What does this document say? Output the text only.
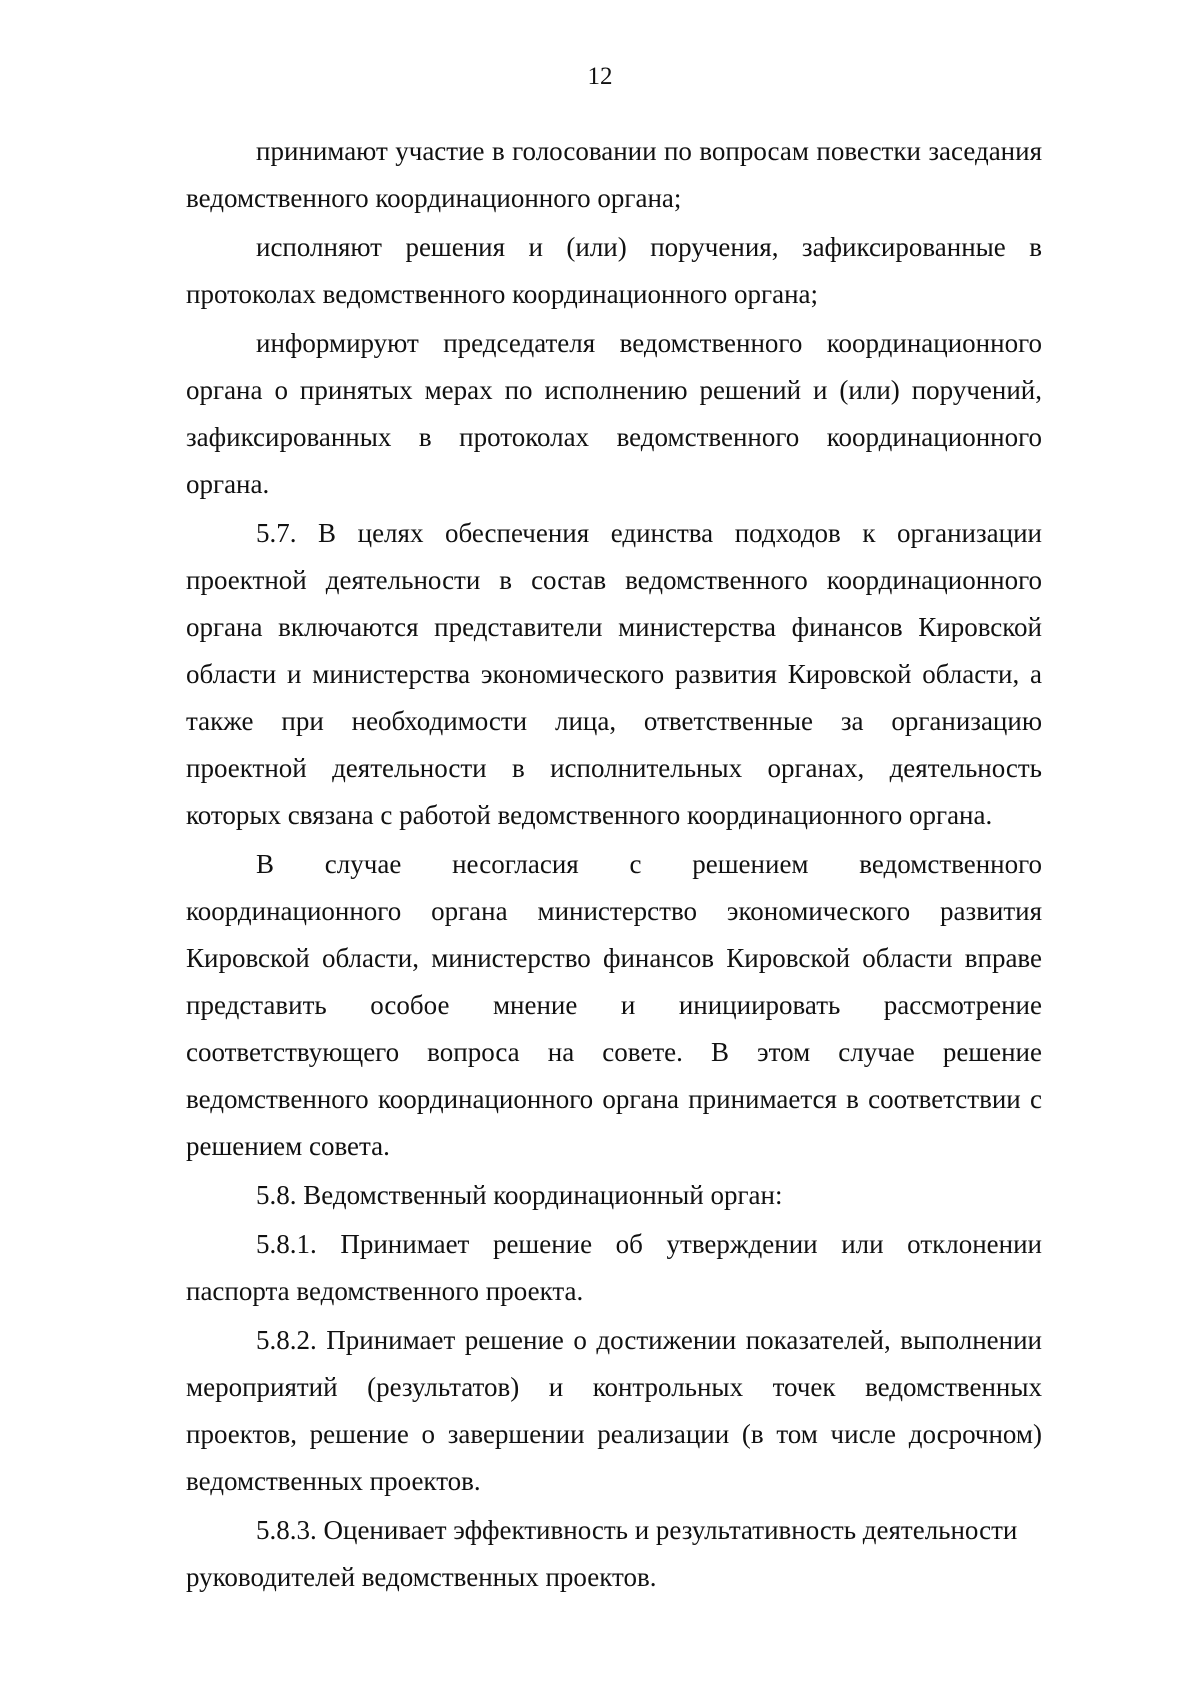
12

принимают участие в голосовании по вопросам повестки заседания ведомственного координационного органа;

исполняют решения и (или) поручения, зафиксированные в протоколах ведомственного координационного органа;

информируют председателя ведомственного координационного органа о принятых мерах по исполнению решений и (или) поручений, зафиксированных в протоколах ведомственного координационного органа.

5.7. В целях обеспечения единства подходов к организации проектной деятельности в состав ведомственного координационного органа включаются представители министерства финансов Кировской области и министерства экономического развития Кировской области, а также при необходимости лица, ответственные за организацию проектной деятельности в исполнительных органах, деятельность которых связана с работой ведомственного координационного органа.

В случае несогласия с решением ведомственного координационного органа министерство экономического развития Кировской области, министерство финансов Кировской области вправе представить особое мнение и инициировать рассмотрение соответствующего вопроса на совете. В этом случае решение ведомственного координационного органа принимается в соответствии с решением совета.

5.8. Ведомственный координационный орган:

5.8.1. Принимает решение об утверждении или отклонении паспорта ведомственного проекта.

5.8.2. Принимает решение о достижении показателей, выполнении мероприятий (результатов) и контрольных точек ведомственных проектов, решение о завершении реализации (в том числе досрочном) ведомственных проектов.

5.8.3. Оценивает эффективность и результативность деятельности руководителей ведомственных проектов.
